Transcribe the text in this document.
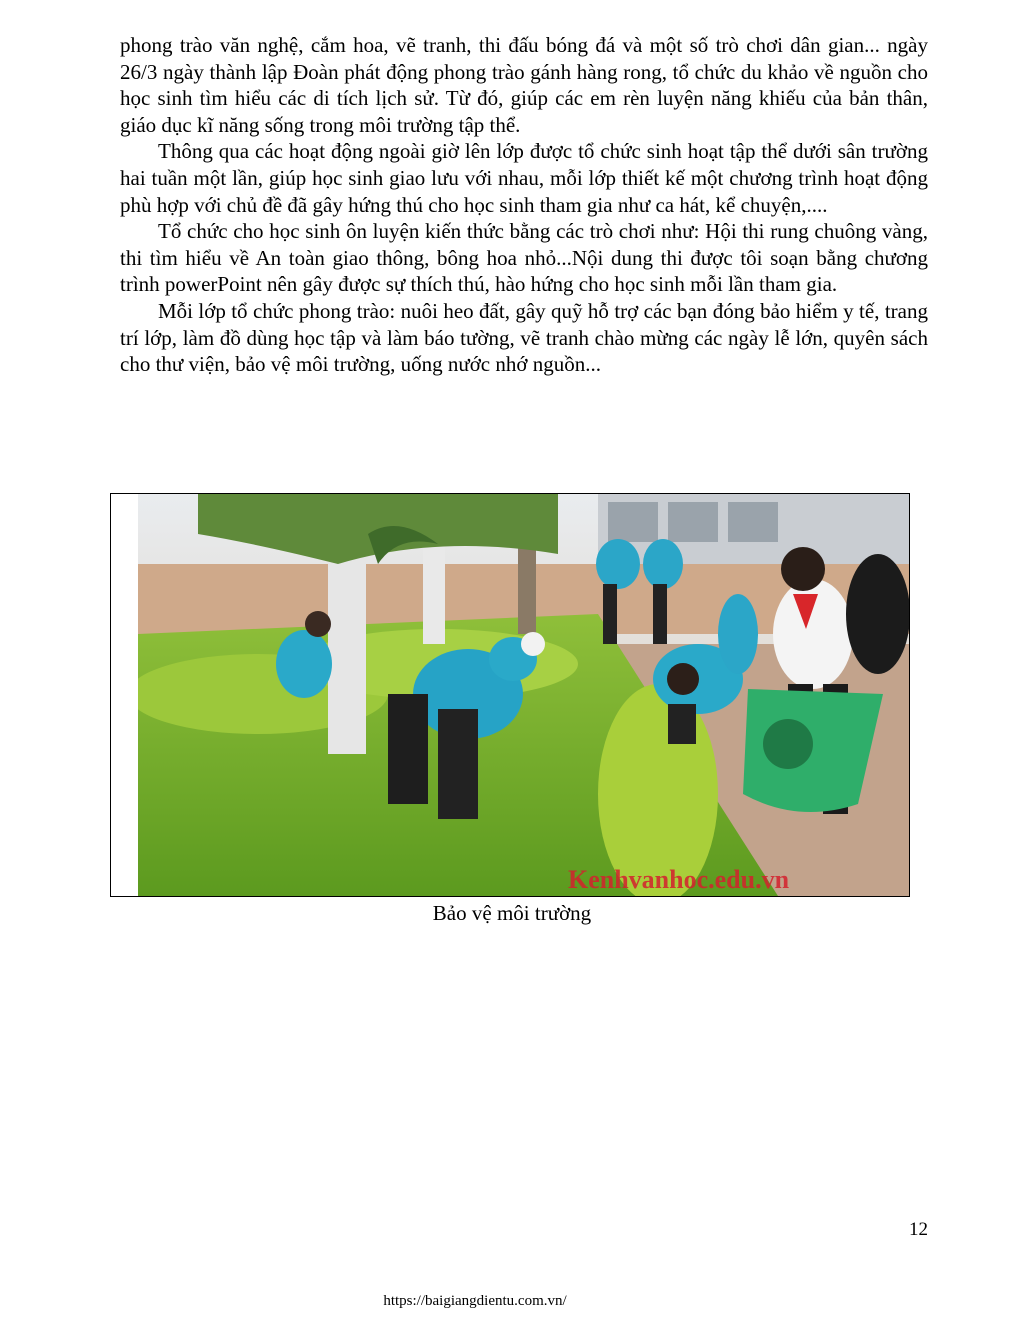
phong trào văn nghệ, cắm hoa, vẽ tranh, thi đấu bóng đá và một số trò chơi dân gian... ngày 26/3 ngày thành lập Đoàn phát động phong trào gánh hàng rong, tổ chức du khảo về nguồn cho học sinh tìm hiểu các di tích lịch sử. Từ đó, giúp các em rèn luyện năng khiếu của bản thân, giáo dục kĩ năng sống trong môi trường tập thể.

Thông qua các hoạt động ngoài giờ lên lớp được tổ chức sinh hoạt tập thể dưới sân trường hai tuần một lần, giúp học sinh giao lưu với nhau, mỗi lớp thiết kế một chương trình hoạt động phù hợp với chủ đề đã gây hứng thú cho học sinh tham gia như ca hát, kể chuyện,....

Tổ chức cho học sinh ôn luyện kiến thức bằng các trò chơi như: Hội thi rung chuông vàng, thi tìm hiểu về An toàn giao thông, bông hoa nhỏ...Nội dung thi được tôi soạn bằng chương trình powerPoint nên gây được sự thích thú, hào hứng cho học sinh mỗi lần tham gia.

Mỗi lớp tổ chức phong trào: nuôi heo đất, gây quỹ hỗ trợ các bạn đóng bảo hiểm y tế, trang trí lớp, làm đồ dùng học tập và làm báo tường, vẽ tranh chào mừng các ngày lễ lớn, quyên sách cho thư viện, bảo vệ môi trường, uống nước nhớ nguồn...

Kenhvanhoc.edu.vn
Bảo vệ môi trường
12
https://baigiangdientu.com.vn/
